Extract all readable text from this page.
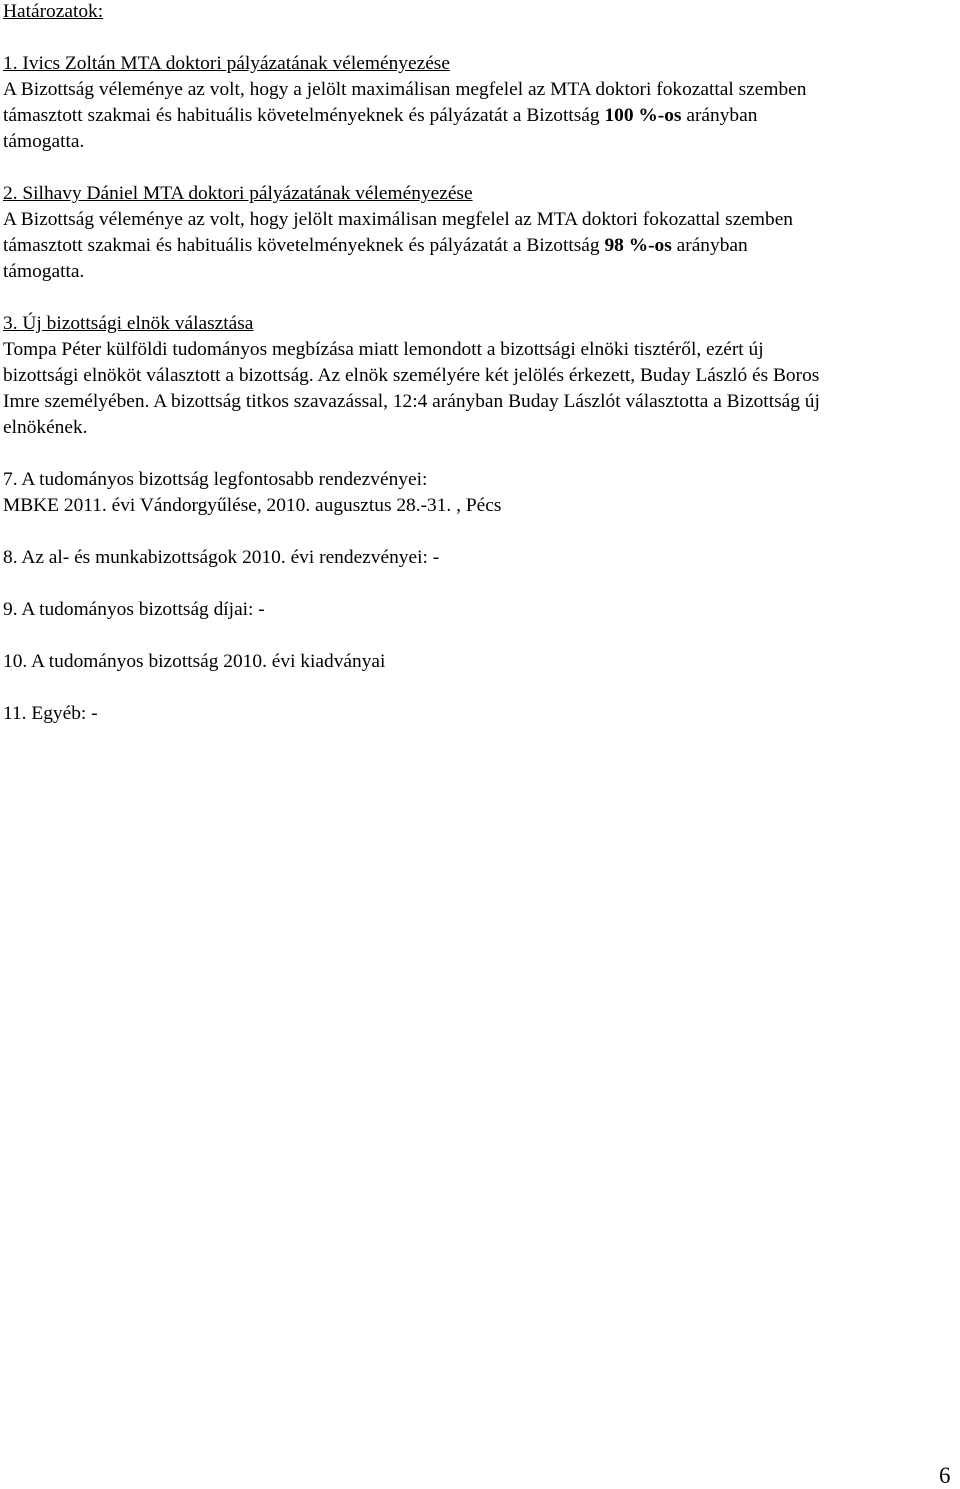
Határozatok:
1. Ivics Zoltán MTA doktori pályázatának véleményezése
A Bizottság véleménye az volt, hogy a jelölt maximálisan megfelel az MTA doktori fokozattal szemben
támasztott szakmai és habituális követelményeknek és pályázatát a Bizottság 100 %-os arányban
támogatta.
2. Silhavy Dániel MTA doktori pályázatának véleményezése
A Bizottság véleménye az volt, hogy jelölt maximálisan megfelel az MTA doktori fokozattal szemben
támasztott szakmai és habituális követelményeknek és pályázatát a Bizottság 98 %-os arányban
támogatta.
3. Új bizottsági elnök választása
Tompa Péter külföldi tudományos megbízása miatt lemondott a bizottsági elnöki tisztéről, ezért új
bizottsági elnököt választott a bizottság. Az elnök személyére két jelölés érkezett, Buday László és Boros
Imre személyében. A bizottság titkos szavazással, 12:4 arányban Buday Lászlót választotta a Bizottság új
elnökének.
7. A tudományos bizottság legfontosabb rendezvényei:
MBKE 2011. évi Vándorgyűlése, 2010. augusztus 28.-31. , Pécs
8. Az al- és munkabizottságok 2010. évi rendezvényei: -
9. A tudományos bizottság díjai: -
10. A tudományos bizottság 2010. évi kiadványai
11. Egyéb: -
6
